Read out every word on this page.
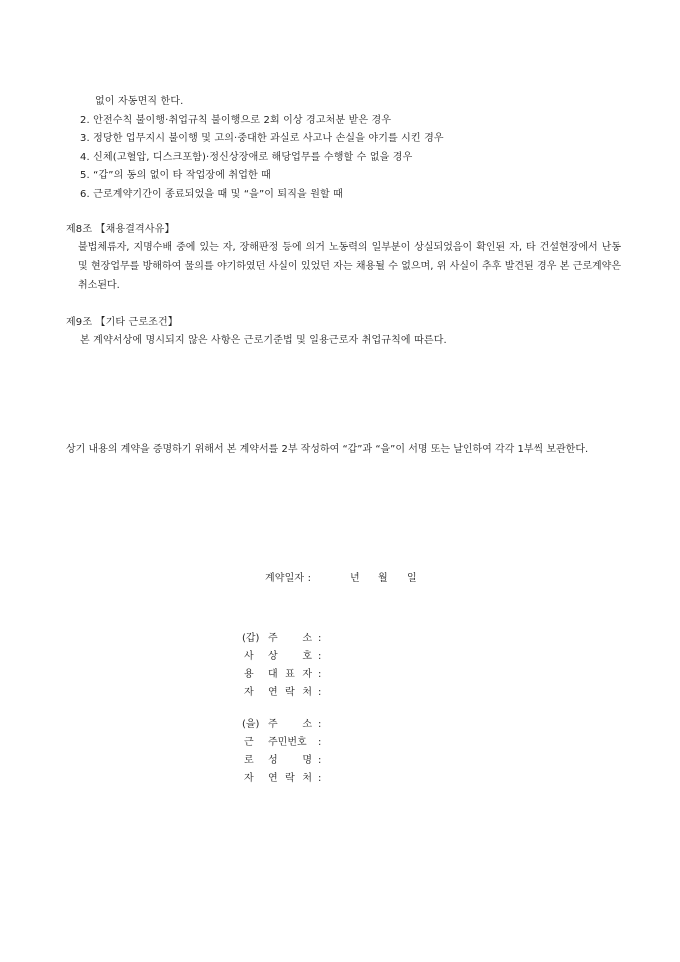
없이 자동면직 한다.
2. 안전수칙 불이행·취업규칙 불이행으로 2회 이상 경고처분 받은 경우
3. 정당한 업무지시 불이행 및 고의·중대한 과실로 사고나 손실을 야기를 시킨 경우
4. 신체(고혈압, 디스크포함)·정신상장애로 해당업무를 수행할 수 없을 경우
5. “갑”의 동의 없이 타 작업장에 취업한 때
6. 근로계약기간이 종료되었을 때 및 “을”이 퇴직을 원할 때
제8조 【채용결격사유】
불법체류자, 지명수배 중에 있는 자, 장해판정 등에 의거 노동력의 일부분이 상실되었음이 확인된 자, 타 건설현장에서 난동 및 현장업무를 방해하여 물의를 야기하였던 사실이 있었던 자는 채용될 수 없으며, 위 사실이 추후 발견된 경우 본 근로계약은 취소된다.
제9조 【기타 근로조건】
본 계약서상에 명시되지 않은 사항은 근로기준법 및 일용근로자 취업규칙에 따른다.
상기 내용의 계약을 증명하기 위해서 본 계약서를 2부 작성하여 “갑”과 “을”이 서명 또는 날인하여 각각 1부씩 보관한다.
계약일자 :	년 월 일
(갑) 주 소 :
사	상 호 :
용	대 표 자 :
자	연 락 처 :
(을) 주 소 :
근	주민번호 :
로	성 명 :
자	연 락 처 :
